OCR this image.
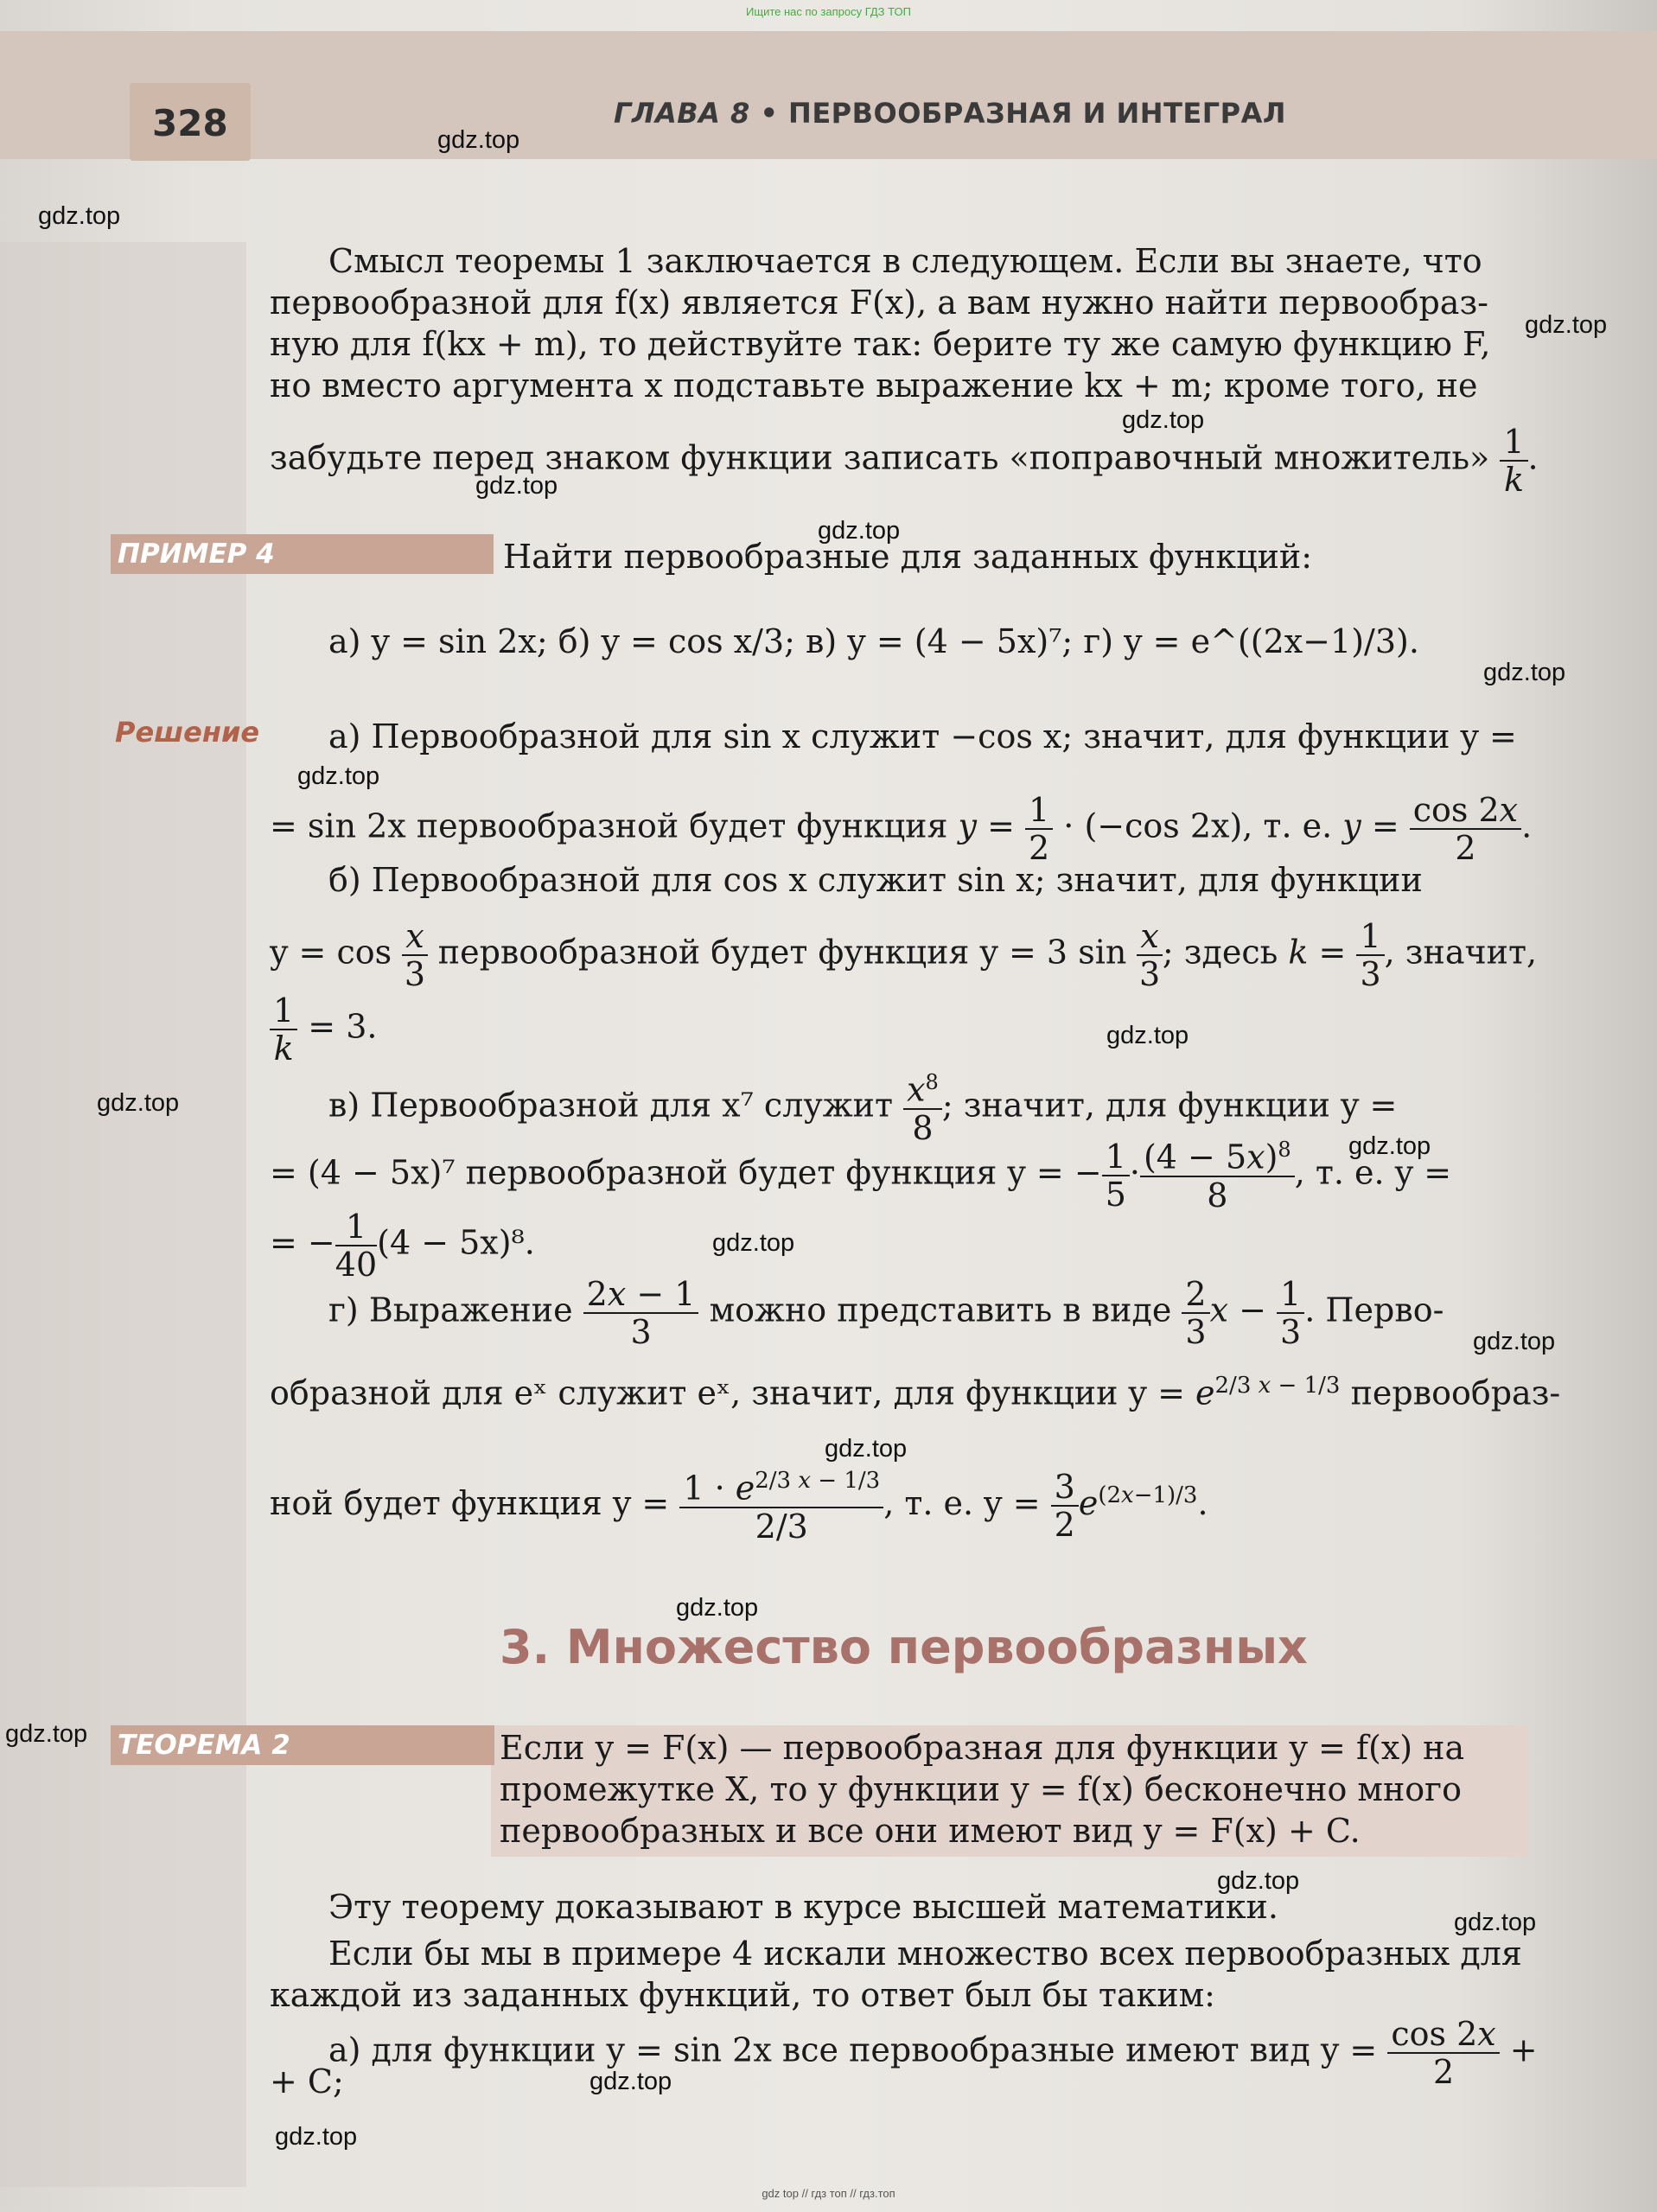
Ищите нас по запросу ГДЗ ТОП
328	ГЛАВА 8 • ПЕРВООБРАЗНАЯ И ИНТЕГРАЛ
Смысл теоремы 1 заключается в следующем. Если вы знаете, что
первообразной для f(x) является F(x), а вам нужно найти первообраз-
ную для f(kx + m), то действуйте так: берите ту же самую функцию F,
но вместо аргумента x подставьте выражение kx + m; кроме того, не
забудьте перед знаком функции записать «поправочный множитель» $\frac{1}{k}$ .
ПРИМЕР 4	Найти первообразные для заданных функций:
а) y = sin 2x; б) y = cos x/3; в) y = (4 − 5x)⁷; г) y = e^((2x−1)/3).
Решение а) Первообразной для sin x служит −cos x; значит, для функции y =
= sin 2x первообразной будет функция $y = \frac{1}{2} \cdot (-\cos$ 2x), т. е. $y = \frac{\cos 2x}{2}$ .
б) Первообразной для cos x служит sin x; значит, для функции
$y = \cos \frac{x}{3}$ первообразной будет функция y = 3 $\sin \frac{x}{3}$ ; здесь $k = \frac{1}{3}$ , значит,
$\frac{1}{k} = 3$.
в) Первообразной для x⁷ служит $\frac{x^8}{8}$ ; значит, для функции y =
= (4 − 5x)⁷ первообразной будет функция y = − $\frac{1}{5} \cdot \frac{(4 - 5x)^8}{8}$ , т. е. y =
= − $\frac{1}{40} (4 - 5x)^8$.
г) Выражение $\frac{2x - 1}{3}$ можно представить в виде $\frac{2}{3}$ $x - \frac{1}{3}$ . Перво-
образной для eˣ служит eˣ, значит, для функции $y = e^{2/3 x - 1/3}$ первообраз-
ной будет функция $y = \frac{1 \cdot e^{2/3 x - 1/3}}{2/3}$ , т. е. $y = \frac{3}{2} e^{(2x-1)/3}$.
3. Множество первообразных
ТЕОРЕМА 2	Если y = F(x) — первообразная для функции y = f(x) на
промежутке X, то у функции y = f(x) бесконечно много
первообразных и все они имеют вид y = F(x) + C.
Эту теорему доказывают в курсе высшей математики.
Если бы мы в примере 4 искали множество всех первообразных для
каждой из заданных функций, то ответ был бы таким:
а) для функции y = sin 2x все первообразные имеют вид $y = \frac{\cos 2x}{2}$ +
+ C;
gdz.top
gdz.top
gdz.top
gdz.top
gdz.top
gdz.top
gdz.top
gdz.top
gdz.top
gdz.top
gdz.top
gdz.top
gdz.top
gdz.top
gdz.top
gdz.top
gdz.top
gdz.top
gdz.top
gdz.top
gdz top // гдз топ // гдз.топ
